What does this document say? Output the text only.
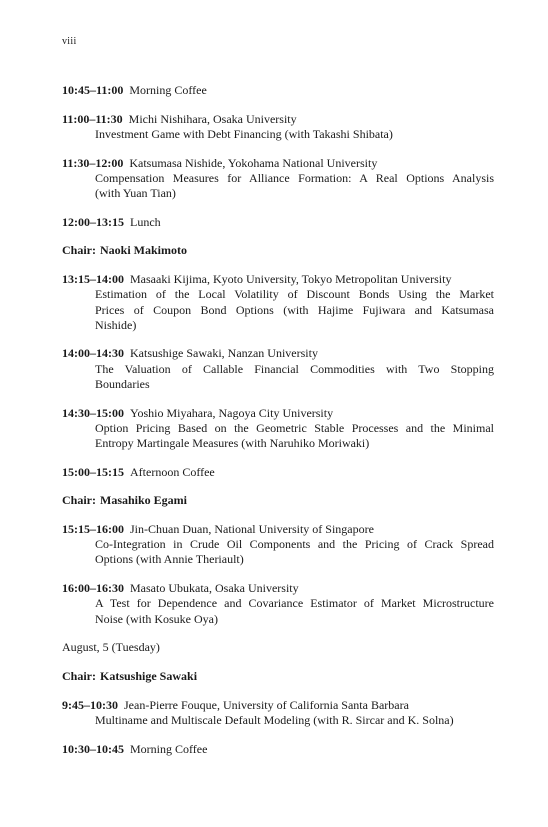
viii
10:45–11:00 Morning Coffee
11:00–11:30 Michi Nishihara, Osaka University
Investment Game with Debt Financing (with Takashi Shibata)
11:30–12:00 Katsumasa Nishide, Yokohama National University
Compensation Measures for Alliance Formation: A Real Options Analysis
(with Yuan Tian)
12:00–13:15 Lunch
Chair: Naoki Makimoto
13:15–14:00 Masaaki Kijima, Kyoto University, Tokyo Metropolitan University
Estimation of the Local Volatility of Discount Bonds Using the Market
Prices of Coupon Bond Options (with Hajime Fujiwara and Katsumasa
Nishide)
14:00–14:30 Katsushige Sawaki, Nanzan University
The Valuation of Callable Financial Commodities with Two Stopping
Boundaries
14:30–15:00 Yoshio Miyahara, Nagoya City University
Option Pricing Based on the Geometric Stable Processes and the Minimal
Entropy Martingale Measures (with Naruhiko Moriwaki)
15:00–15:15 Afternoon Coffee
Chair: Masahiko Egami
15:15–16:00 Jin-Chuan Duan, National University of Singapore
Co-Integration in Crude Oil Components and the Pricing of Crack Spread
Options (with Annie Theriault)
16:00–16:30 Masato Ubukata, Osaka University
A Test for Dependence and Covariance Estimator of Market Microstructure
Noise (with Kosuke Oya)
August, 5 (Tuesday)
Chair: Katsushige Sawaki
9:45–10:30 Jean-Pierre Fouque, University of California Santa Barbara
Multiname and Multiscale Default Modeling (with R. Sircar and K. Solna)
10:30–10:45 Morning Coffee
